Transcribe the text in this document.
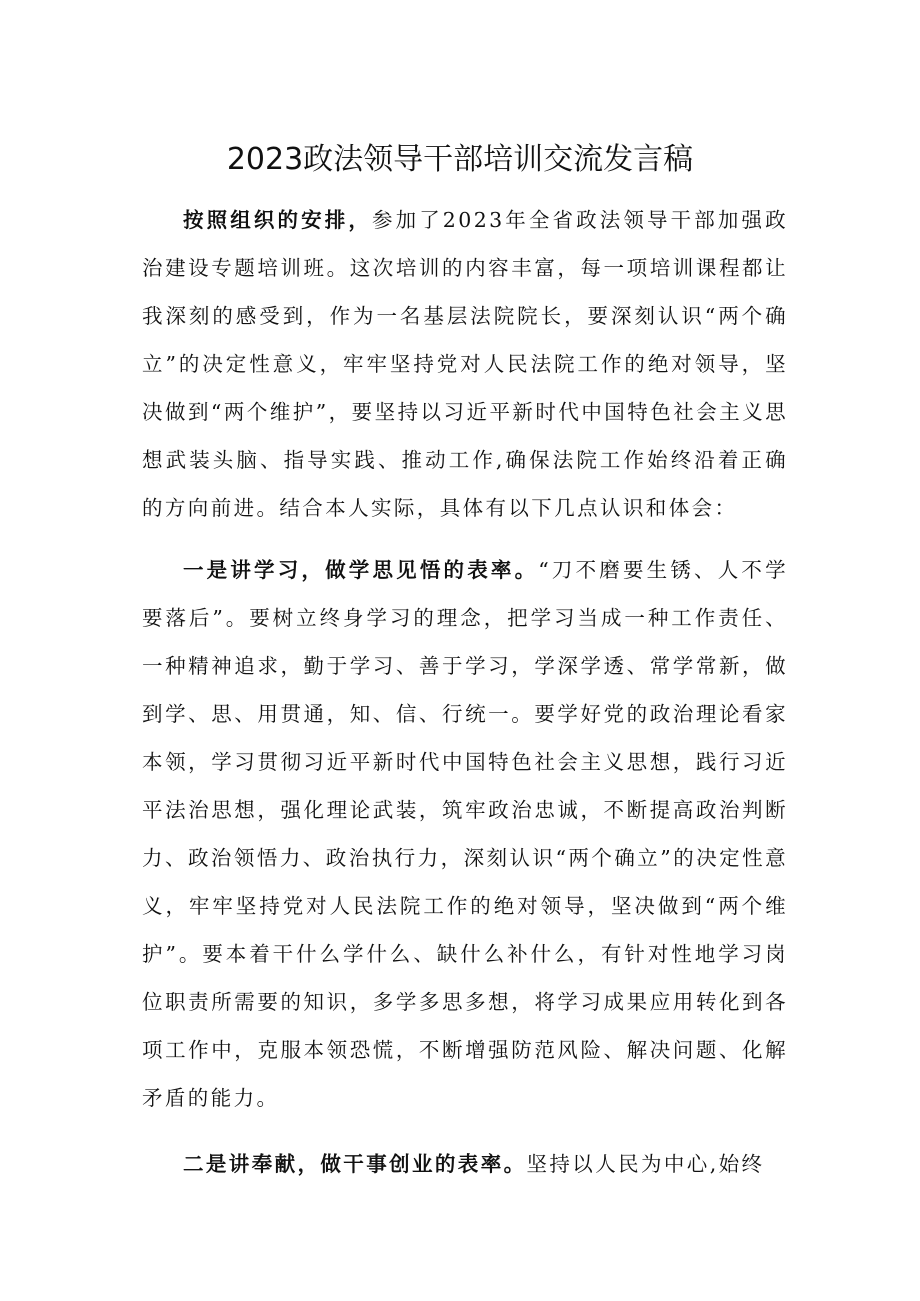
2023政法领导干部培训交流发言稿

按照组织的安排，参加了2023年全省政法领导干部加强政治建设专题培训班。这次培训的内容丰富，每一项培训课程都让我深刻的感受到，作为一名基层法院院长，要深刻认识“两个确立”的决定性意义，牢牢坚持党对人民法院工作的绝对领导，坚决做到“两个维护”，要坚持以习近平新时代中国特色社会主义思想武装头脑、指导实践、推动工作,确保法院工作始终沿着正确的方向前进。结合本人实际，具体有以下几点认识和体会：

一是讲学习，做学思见悟的表率。“刀不磨要生锈、人不学要落后”。要树立终身学习的理念，把学习当成一种工作责任、一种精神追求，勤于学习、善于学习，学深学透、常学常新，做到学、思、用贯通，知、信、行统一。要学好党的政治理论看家本领，学习贯彻习近平新时代中国特色社会主义思想，践行习近平法治思想，强化理论武装，筑牢政治忠诚，不断提高政治判断力、政治领悟力、政治执行力，深刻认识“两个确立”的决定性意义，牢牢坚持党对人民法院工作的绝对领导，坚决做到“两个维护”。要本着干什么学什么、缺什么补什么，有针对性地学习岗位职责所需要的知识，多学多思多想，将学习成果应用转化到各项工作中，克服本领恐慌，不断增强防范风险、解决问题、化解矛盾的能力。

二是讲奉献，做干事创业的表率。坚持以人民为中心,始终
